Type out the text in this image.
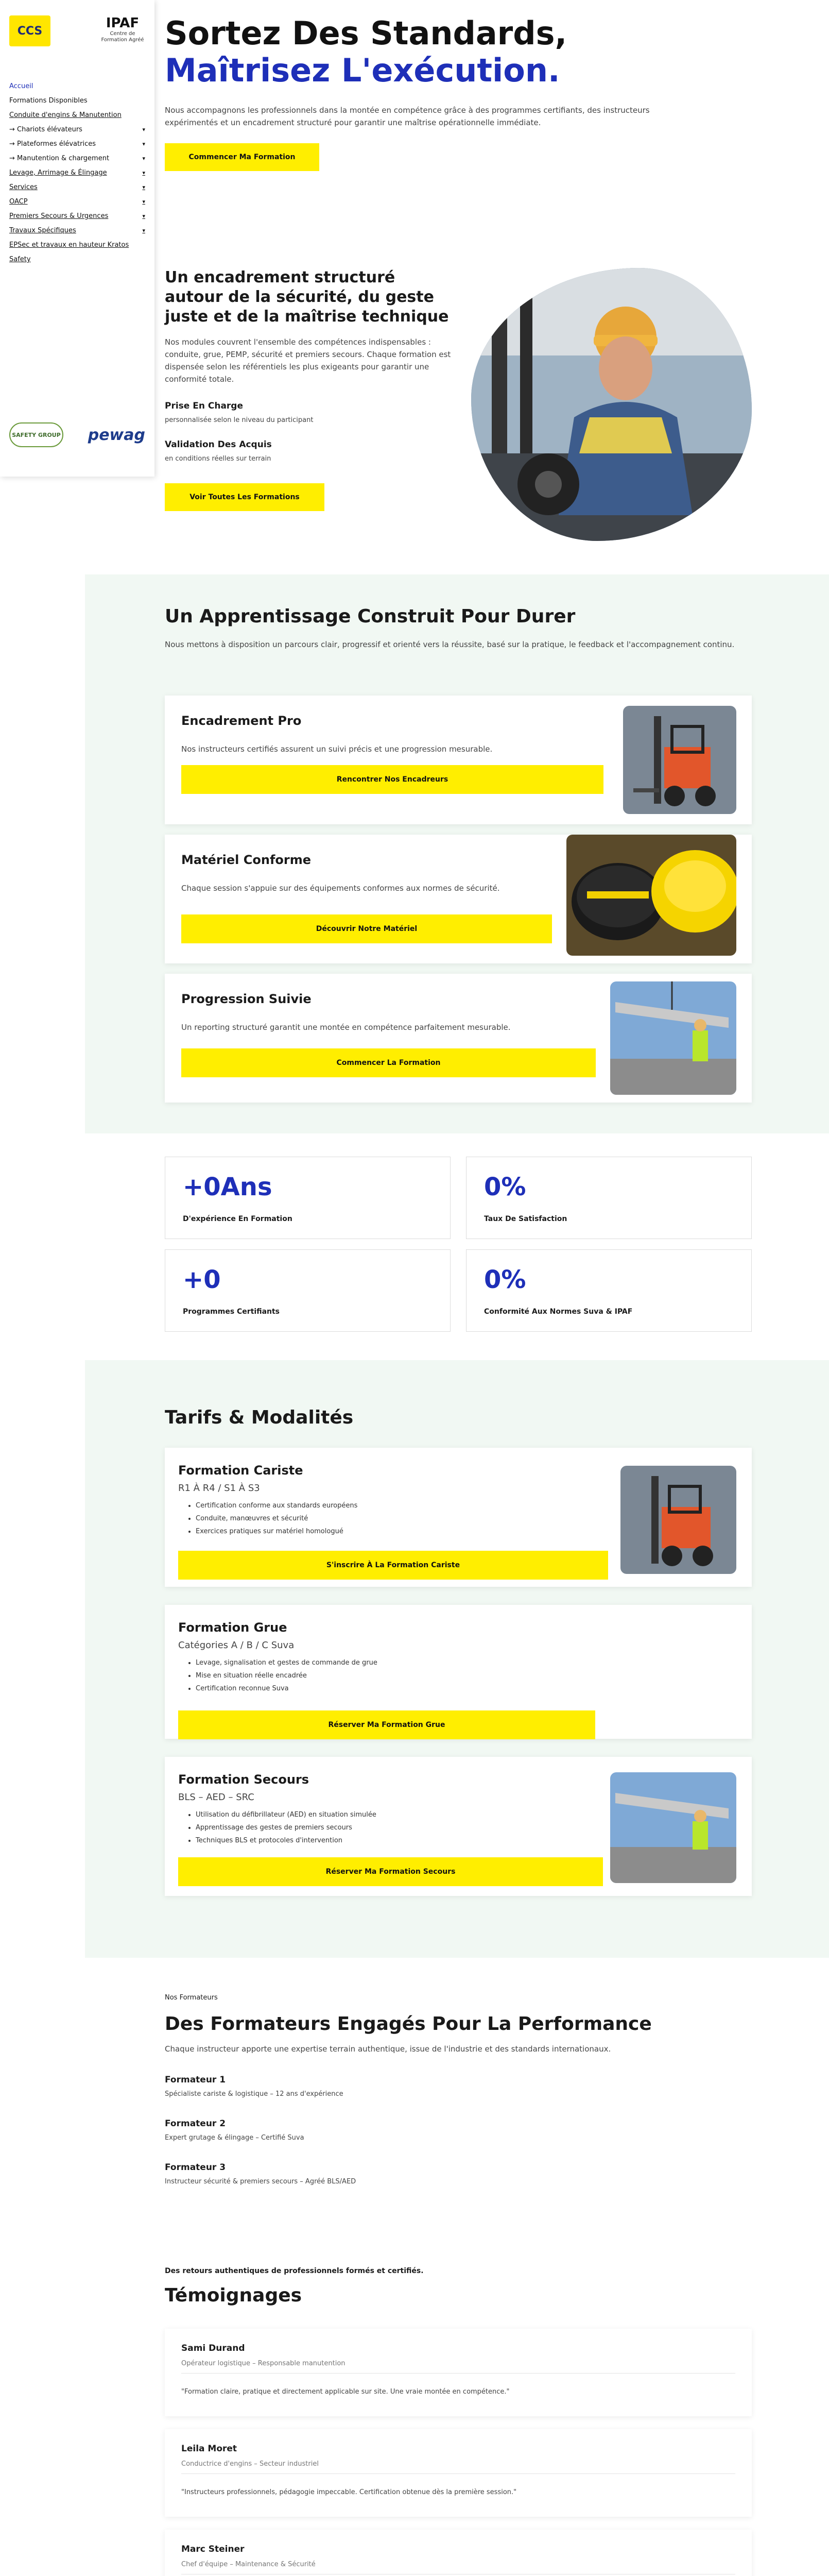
CCS	IPAF
Centre de Formation Agréé
Accueil
Formations Disponibles
Conduite d'engins & Manutention
→ Chariots élévateurs	▾
→ Plateformes élévatrices	▾
→ Manutention & chargement	▾
Levage, Arrimage & Élingage	▾
Services	▾
OACP	▾
Premiers Secours & Urgences	▾
Travaux Spécifiques	▾
EPSec et travaux en hauteur Kratos
Safety
SAFETY GROUP pewag
Sortez Des Standards,
Maîtrisez L'exécution.

Nous accompagnons les professionnels dans la montée en compétence grâce à des programmes certifiants, des instructeurs expérimentés et un encadrement structuré pour garantir une maîtrise opérationnelle immédiate.

Commencer Ma Formation
Un encadrement structuré autour de la sécurité, du geste juste et de la maîtrise technique

Nos modules couvrent l'ensemble des compétences indispensables : conduite, grue, PEMP, sécurité et premiers secours. Chaque formation est dispensée selon les référentiels les plus exigeants pour garantir une conformité totale.

Prise En Charge
personnalisée selon le niveau du participant
Validation Des Acquis
en conditions réelles sur terrain
Voir Toutes Les Formations
Un Apprentissage Construit Pour Durer

Nous mettons à disposition un parcours clair, progressif et orienté vers la réussite, basé sur la pratique, le feedback et l'accompagnement continu.

Encadrement Pro
Nos instructeurs certifiés assurent un suivi précis et une progression mesurable.
Rencontrer Nos Encadreurs
Matériel Conforme
Chaque session s'appuie sur des équipements conformes aux normes de sécurité.
Découvrir Notre Matériel
Progression Suivie
Un reporting structuré garantit une montée en compétence parfaitement mesurable.
Commencer La Formation
+0Ans
D'expérience En Formation
0%
Taux De Satisfaction
+0
Programmes Certifiants
0%
Conformité Aux Normes Suva & IPAF
Tarifs & Modalités
Formation Cariste
R1 À R4 / S1 À S3
• Certification conforme aux standards européens
• Conduite, manœuvres et sécurité
• Exercices pratiques sur matériel homologué
S'inscrire À La Formation Cariste
Formation Grue
Catégories A / B / C Suva
• Levage, signalisation et gestes de commande de grue
• Mise en situation réelle encadrée
• Certification reconnue Suva
Réserver Ma Formation Grue
Formation Secours
BLS – AED – SRC
• Utilisation du défibrillateur (AED) en situation simulée
• Apprentissage des gestes de premiers secours
• Techniques BLS et protocoles d'intervention
Réserver Ma Formation Secours
Nos Formateurs
Des Formateurs Engagés Pour La Performance

Chaque instructeur apporte une expertise terrain authentique, issue de l'industrie et des standards internationaux.

Formateur 1
Spécialiste cariste & logistique – 12 ans d'expérience
Formateur 2
Expert grutage & élingage – Certifié Suva
Formateur 3
Instructeur sécurité & premiers secours – Agréé BLS/AED
Des retours authentiques de professionnels formés et certifiés.
Témoignages
Sami Durand
Opérateur logistique – Responsable manutention
"Formation claire, pratique et directement applicable sur site. Une vraie montée en compétence."
Leila Moret
Conductrice d'engins – Secteur industriel
"Instructeurs professionnels, pédagogie impeccable. Certification obtenue dès la première session."
Marc Steiner
Chef d'équipe – Maintenance & Sécurité
